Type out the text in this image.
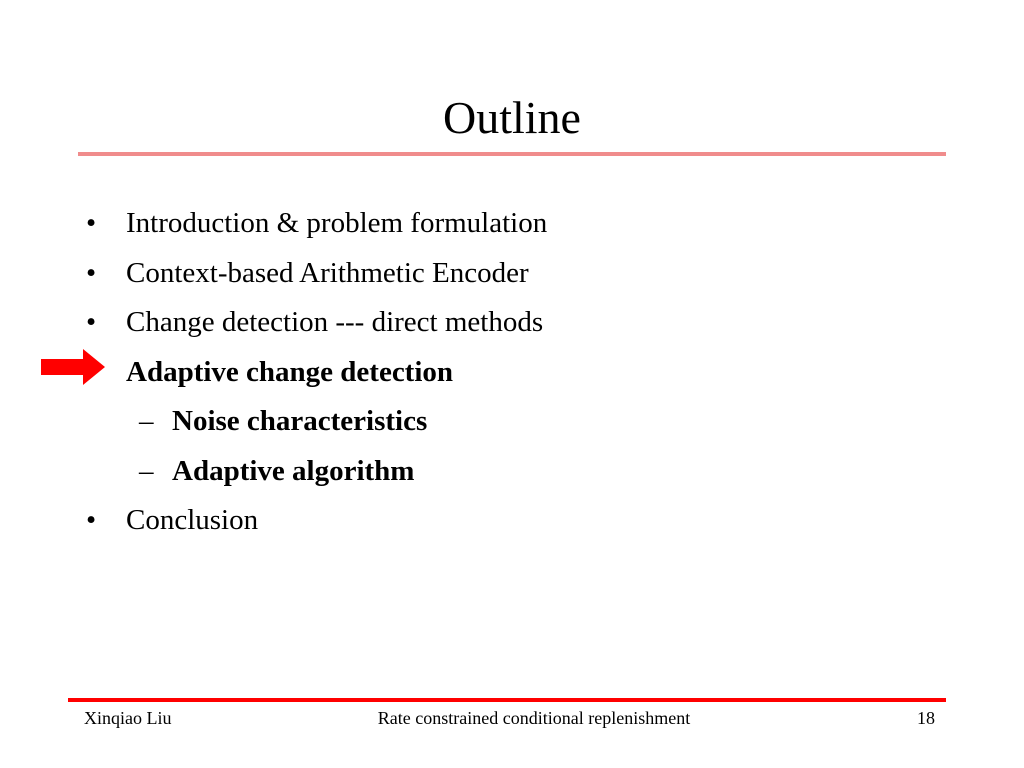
Outline
• Introduction & problem formulation
• Context-based Arithmetic Encoder
• Change detection --- direct methods
Adaptive change detection
– Noise characteristics
– Adaptive algorithm
• Conclusion
Xinqiao Liu	Rate constrained conditional replenishment	18
